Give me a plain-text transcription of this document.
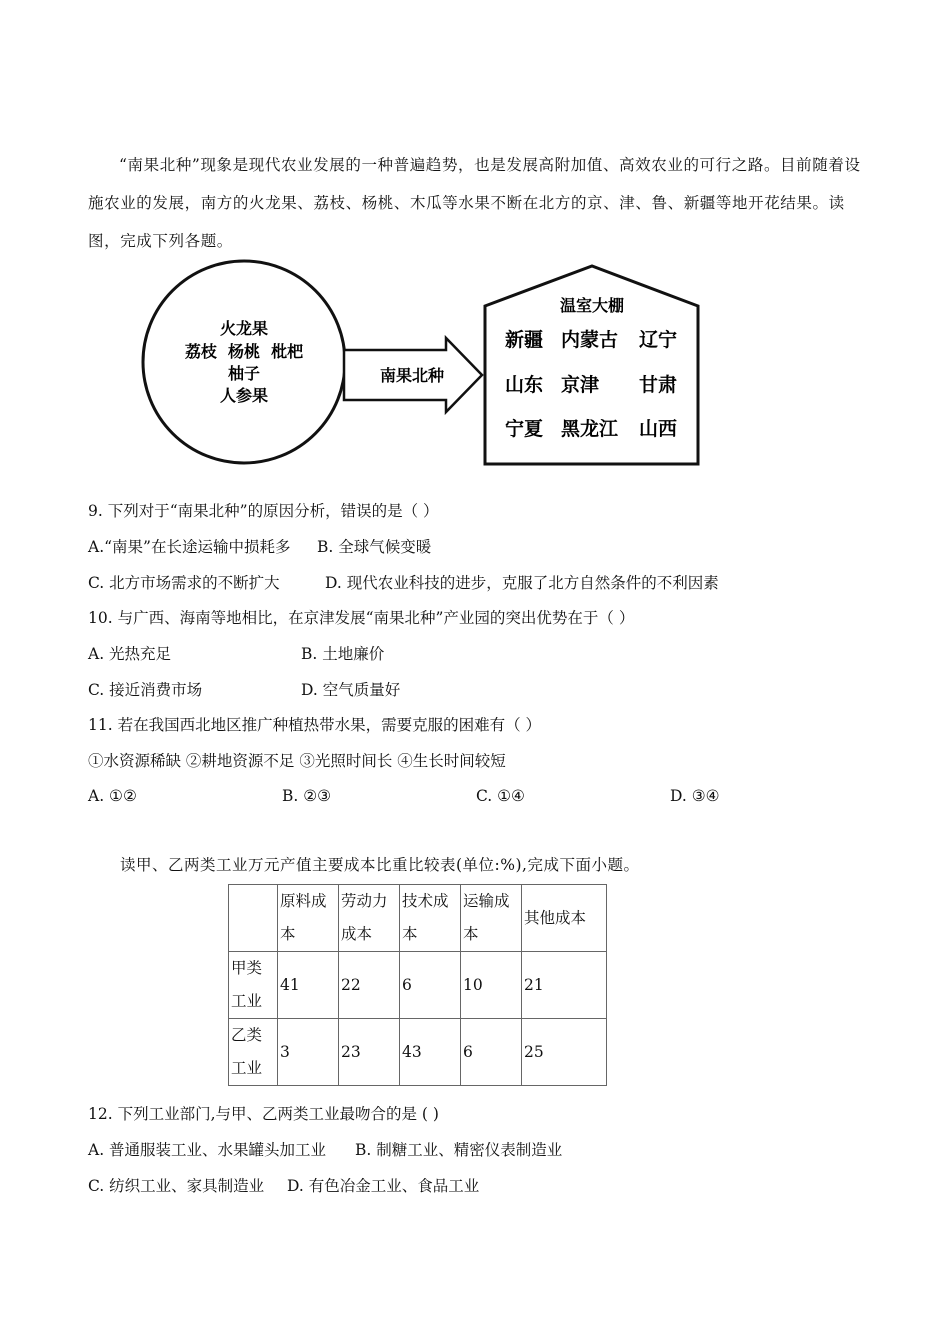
“南果北种”现象是现代农业发展的一种普遍趋势，也是发展高附加值、高效农业的可行之路。目前随着设施农业的发展，南方的火龙果、荔枝、杨桃、木瓜等水果不断在北方的京、津、鲁、新疆等地开花结果。读图，完成下列各题。
火龙果
荔枝  杨桃  枇杷
柚子
人参果
南果北种
温室大棚
新疆 内蒙古 辽宁
山东 京津 甘肃
宁夏 黑龙江 山西
9. 下列对于“南果北种”的原因分析，错误的是（ ）
A.“南果”在长途运输中损耗多 B. 全球气候变暖
C. 北方市场需求的不断扩大	D. 现代农业科技的进步，克服了北方自然条件的不利因素
10. 与广西、海南等地相比，在京津发展“南果北种”产业园的突出优势在于（ ）
A. 光热充足	B. 土地廉价
C. 接近消费市场	D. 空气质量好
11. 若在我国西北地区推广种植热带水果，需要克服的困难有（ ）
①水资源稀缺 ②耕地资源不足 ③光照时间长 ④生长时间较短
A. ①②	B. ②③	C. ①④	D. ③④
读甲、乙两类工业万元产值主要成本比重比较表(单位:%),完成下面小题。
	原料成本	劳动力成本	技术成本	运输成本	其他成本
甲类工业	41	22	6	10	21
乙类工业	3	23	43	6	25
12. 下列工业部门,与甲、乙两类工业最吻合的是 ( )
A. 普通服装工业、水果罐头加工业 B. 制糖工业、精密仪表制造业
C. 纺织工业、家具制造业 D. 有色冶金工业、食品工业
